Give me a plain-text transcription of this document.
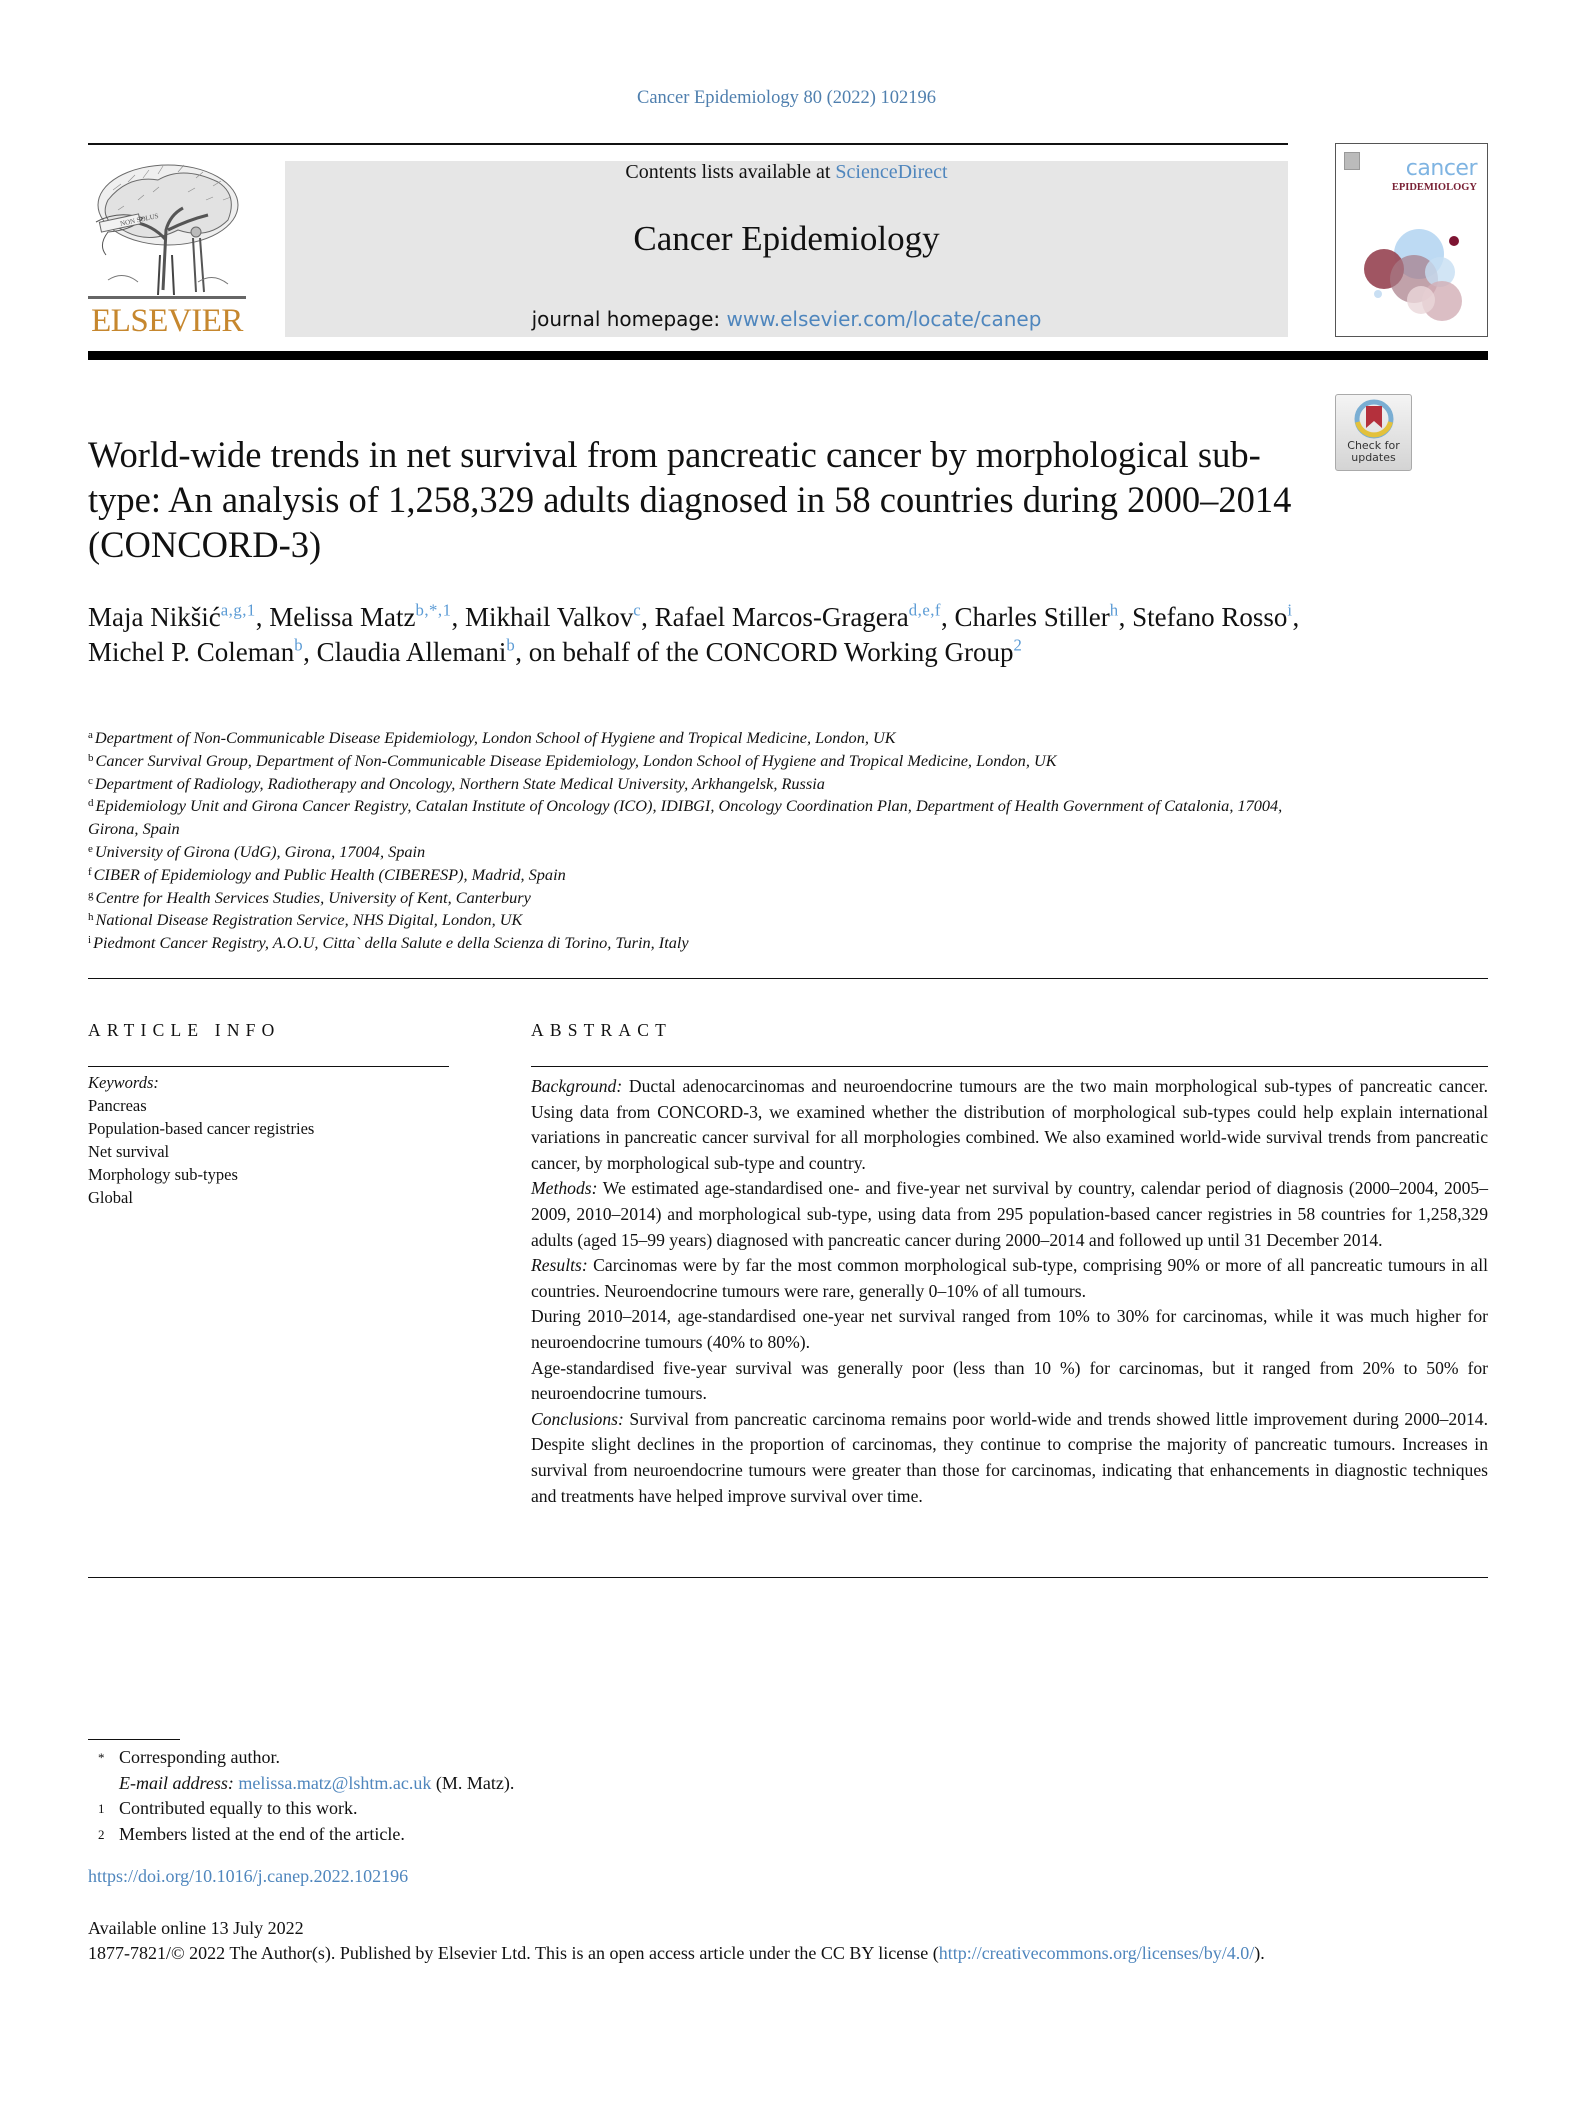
Cancer Epidemiology 80 (2022) 102196
NON SOLUS
ELSEVIER
Contents lists available at ScienceDirect
Cancer Epidemiology
journal homepage: www.elsevier.com/locate/canep
cancer
EPIDEMIOLOGY
Check for
updates
World-wide trends in net survival from pancreatic cancer by morphological sub-type: An analysis of 1,258,329 adults diagnosed in 58 countries during 2000–2014 (CONCORD-3)
Maja Nikšić$^{a,g,1}$, Melissa Matz$^{b,*,1}$, Mikhail Valkov$^c$, Rafael Marcos-Gragera$^{d,e,f}$, Charles Stiller$^h$, Stefano Rosso$^i$, Michel P. Coleman$^b$, Claudia Allemani$^b$, on behalf of the CONCORD Working Group$^2$
$^a$ Department of Non-Communicable Disease Epidemiology, London School of Hygiene and Tropical Medicine, London, UK
$^b$ Cancer Survival Group, Department of Non-Communicable Disease Epidemiology, London School of Hygiene and Tropical Medicine, London, UK
$^c$ Department of Radiology, Radiotherapy and Oncology, Northern State Medical University, Arkhangelsk, Russia
$^d$ Epidemiology Unit and Girona Cancer Registry, Catalan Institute of Oncology (ICO), IDIBGI, Oncology Coordination Plan, Department of Health Government of Catalonia, 17004, Girona, Spain
$^e$ University of Girona (UdG), Girona, 17004, Spain
$^f$ CIBER of Epidemiology and Public Health (CIBERESP), Madrid, Spain
$^g$ Centre for Health Services Studies, University of Kent, Canterbury
$^h$ National Disease Registration Service, NHS Digital, London, UK
$^i$ Piedmont Cancer Registry, A.O.U, Citta` della Salute e della Scienza di Torino, Turin, Italy
ARTICLE INFO	ABSTRACT
Keywords:
Pancreas
Population-based cancer registries
Net survival
Morphology sub-types
Global

Background: Ductal adenocarcinomas and neuroendocrine tumours are the two main morphological sub-types of pancreatic cancer. Using data from CONCORD-3, we examined whether the distribution of morphological sub-types could help explain international variations in pancreatic cancer survival for all morphologies combined. We also examined world-wide survival trends from pancreatic cancer, by morphological sub-type and country.

Methods: We estimated age-standardised one- and five-year net survival by country, calendar period of diagnosis (2000–2004, 2005–2009, 2010–2014) and morphological sub-type, using data from 295 population-based cancer registries in 58 countries for 1,258,329 adults (aged 15–99 years) diagnosed with pancreatic cancer during 2000–2014 and followed up until 31 December 2014.

Results: Carcinomas were by far the most common morphological sub-type, comprising 90% or more of all pancreatic tumours in all countries. Neuroendocrine tumours were rare, generally 0–10% of all tumours.

During 2010–2014, age-standardised one-year net survival ranged from 10% to 30% for carcinomas, while it was much higher for neuroendocrine tumours (40% to 80%).

Age-standardised five-year survival was generally poor (less than 10 %) for carcinomas, but it ranged from 20% to 50% for neuroendocrine tumours.

Conclusions: Survival from pancreatic carcinoma remains poor world-wide and trends showed little improvement during 2000–2014. Despite slight declines in the proportion of carcinomas, they continue to comprise the majority of pancreatic tumours. Increases in survival from neuroendocrine tumours were greater than those for carcinomas, indicating that enhancements in diagnostic techniques and treatments have helped improve survival over time.

* Corresponding author.
E-mail address: melissa.matz@lshtm.ac.uk (M. Matz).
1 Contributed equally to this work.
2 Members listed at the end of the article.
https://doi.org/10.1016/j.canep.2022.102196
Available online 13 July 2022
1877-7821/© 2022 The Author(s). Published by Elsevier Ltd. This is an open access article under the CC BY license (http://creativecommons.org/licenses/by/4.0/).
